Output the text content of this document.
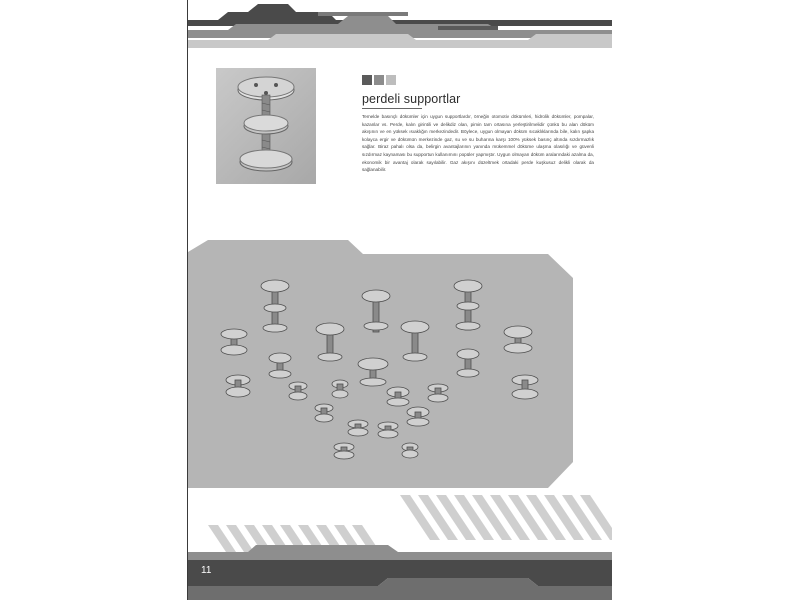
perdeli supportlar
Temelde basınçlı dökümler için uygun supportlardır, örneğin otomotiv dökümleri, hidrolik dökümler, pompalar, kazanlar vs. Perde, kalın girintili ve delikdiz olan, pimin tam ortasına yerleştirilmelidir çünkü bu alan döküm akışının ve en yüksek ısıaklığın merkezindedir. Böylece, uygun olmayan döküm sıcaklıklarında bile, kalın şapka kolayca ergir ve dökümün merkezinde gaz, su ve su buharına karşı 100% yüksek basınç altında sızdırmazlık sağlar. Biraz pahalı olsa da, belirgin avantajlarının yanında mükemmel döküme ulaşma olasılığı ve güvenli sızdırmaz kaynaması bu supportun kullanımını popüler yapmıştır. Uygun olmayan döküm aralarındaki azalma da, ekonomik bir avantaj olarak sayılabilir. Gaz akışını düzeltmek ortadaki perde kuşkusuz delikli olarak da sağlanabilir.
11
